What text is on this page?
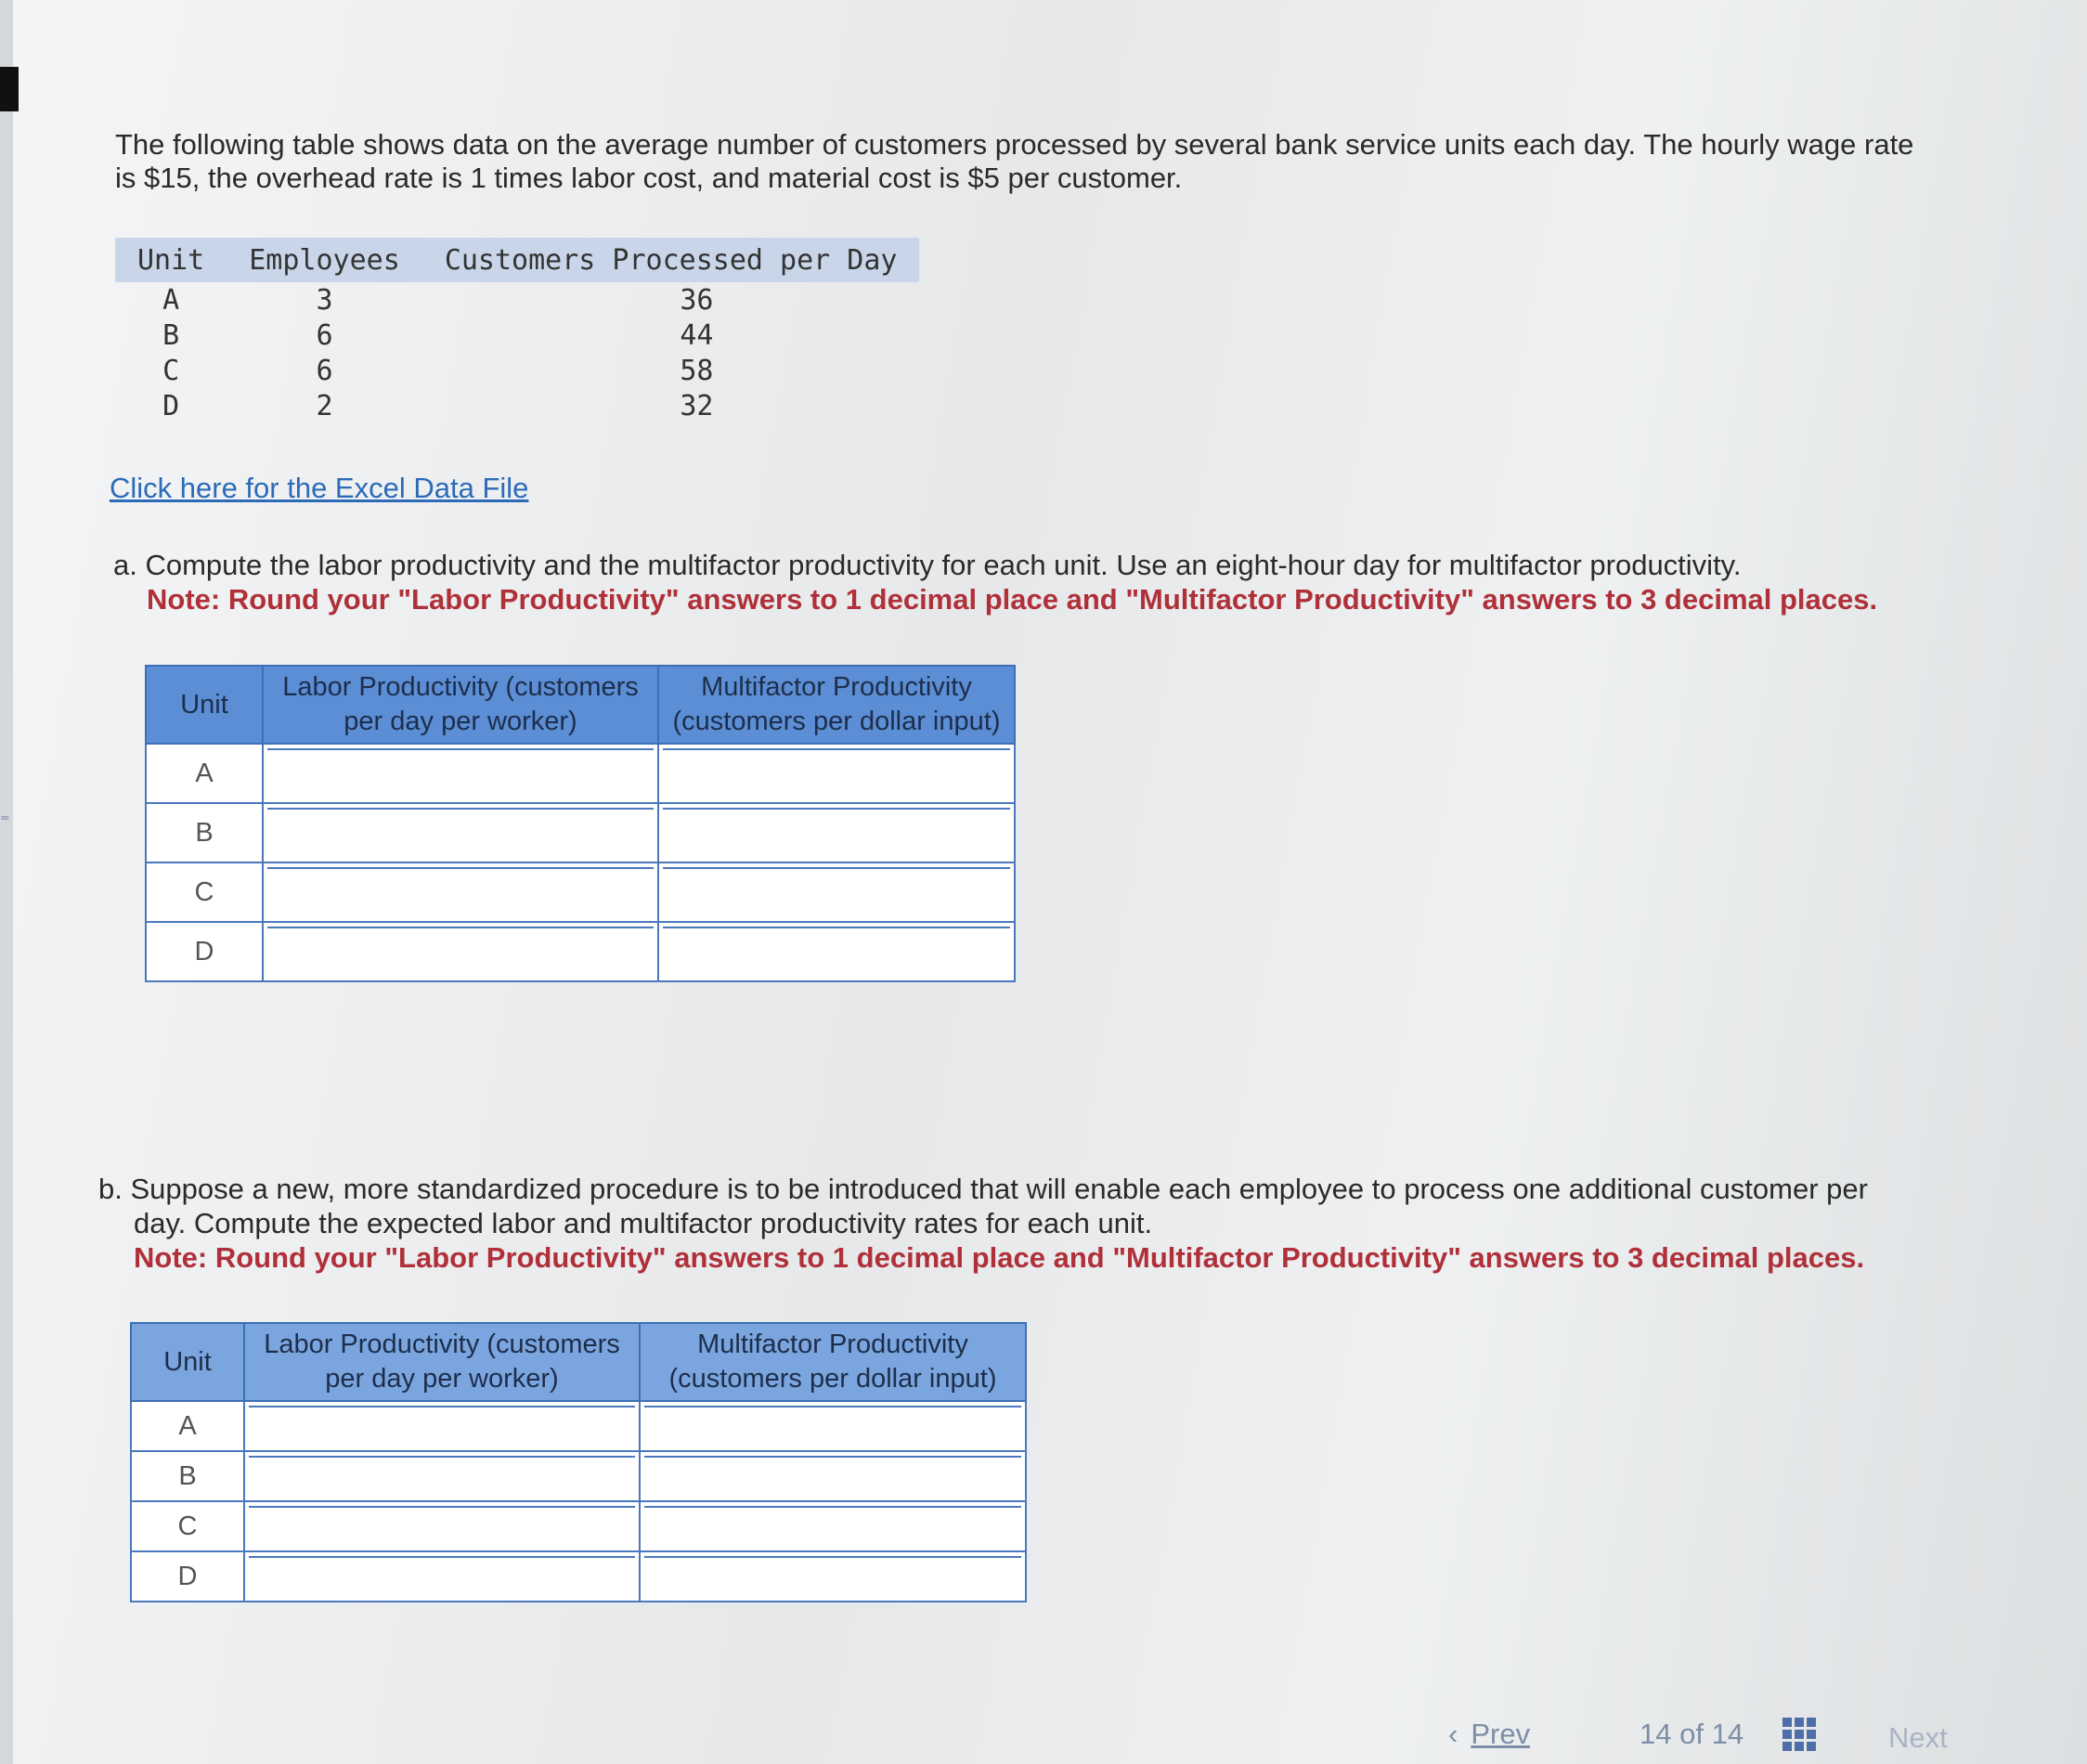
⁼

The following table shows data on the average number of customers processed by several bank service units each day. The hourly wage rate is $15, the overhead rate is 1 times labor cost, and material cost is $5 per customer.

Unit	Employees	Customers Processed per Day
A	3	36
B	6	44
C	6	58
D	2	32
Click here for the Excel Data File
a. Compute the labor productivity and the multifactor productivity for each unit. Use an eight-hour day for multifactor productivity.
Note: Round your "Labor Productivity" answers to 1 decimal place and "Multifactor Productivity" answers to 3 decimal places.
Unit	Labor Productivity (customers per day per worker)	Multifactor Productivity (customers per dollar input)
A		
B		
C		
D		
b. Suppose a new, more standardized procedure is to be introduced that will enable each employee to process one additional customer per day. Compute the expected labor and multifactor productivity rates for each unit.
Note: Round your "Labor Productivity" answers to 1 decimal place and "Multifactor Productivity" answers to 3 decimal places.
Unit	Labor Productivity (customers per day per worker)	Multifactor Productivity (customers per dollar input)
A		
B		
C		
D		
‹ Prev	14 of 14	Next
